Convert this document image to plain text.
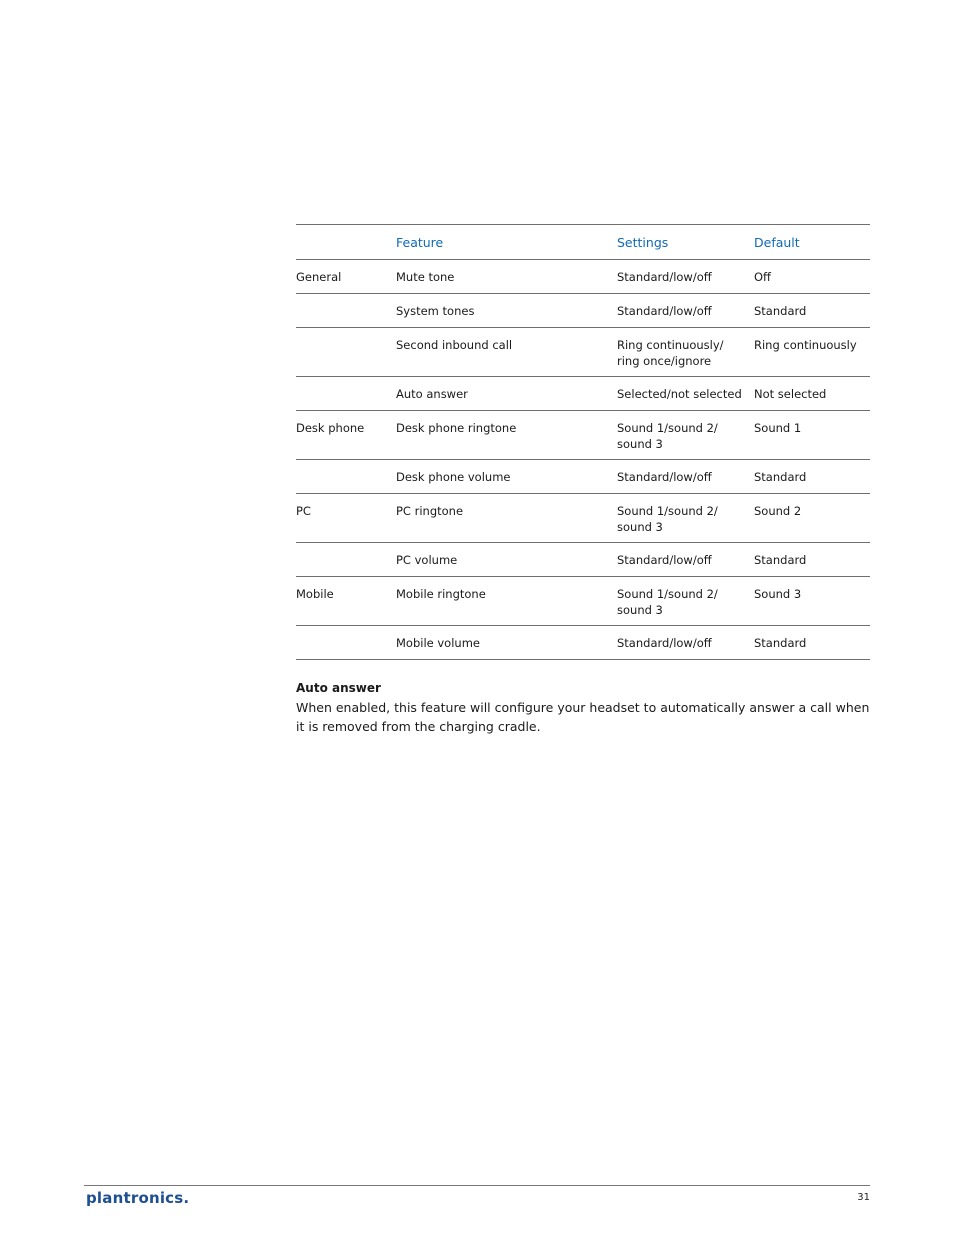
	Feature	Settings	Default
General	Mute tone	Standard/low/off	Off
	System tones	Standard/low/off	Standard
	Second inbound call	Ring continuously/ ring once/ignore	Ring continuously
	Auto answer	Selected/not selected	Not selected
Desk phone	Desk phone ringtone	Sound 1/sound 2/ sound 3	Sound 1
	Desk phone volume	Standard/low/off	Standard
PC	PC ringtone	Sound 1/sound 2/ sound 3	Sound 2
	PC volume	Standard/low/off	Standard
Mobile	Mobile ringtone	Sound 1/sound 2/ sound 3	Sound 3
	Mobile volume	Standard/low/off	Standard
Auto answer

When enabled, this feature will configure your headset to automatically answer a call when it is removed from the charging cradle.

plantronics.	31
